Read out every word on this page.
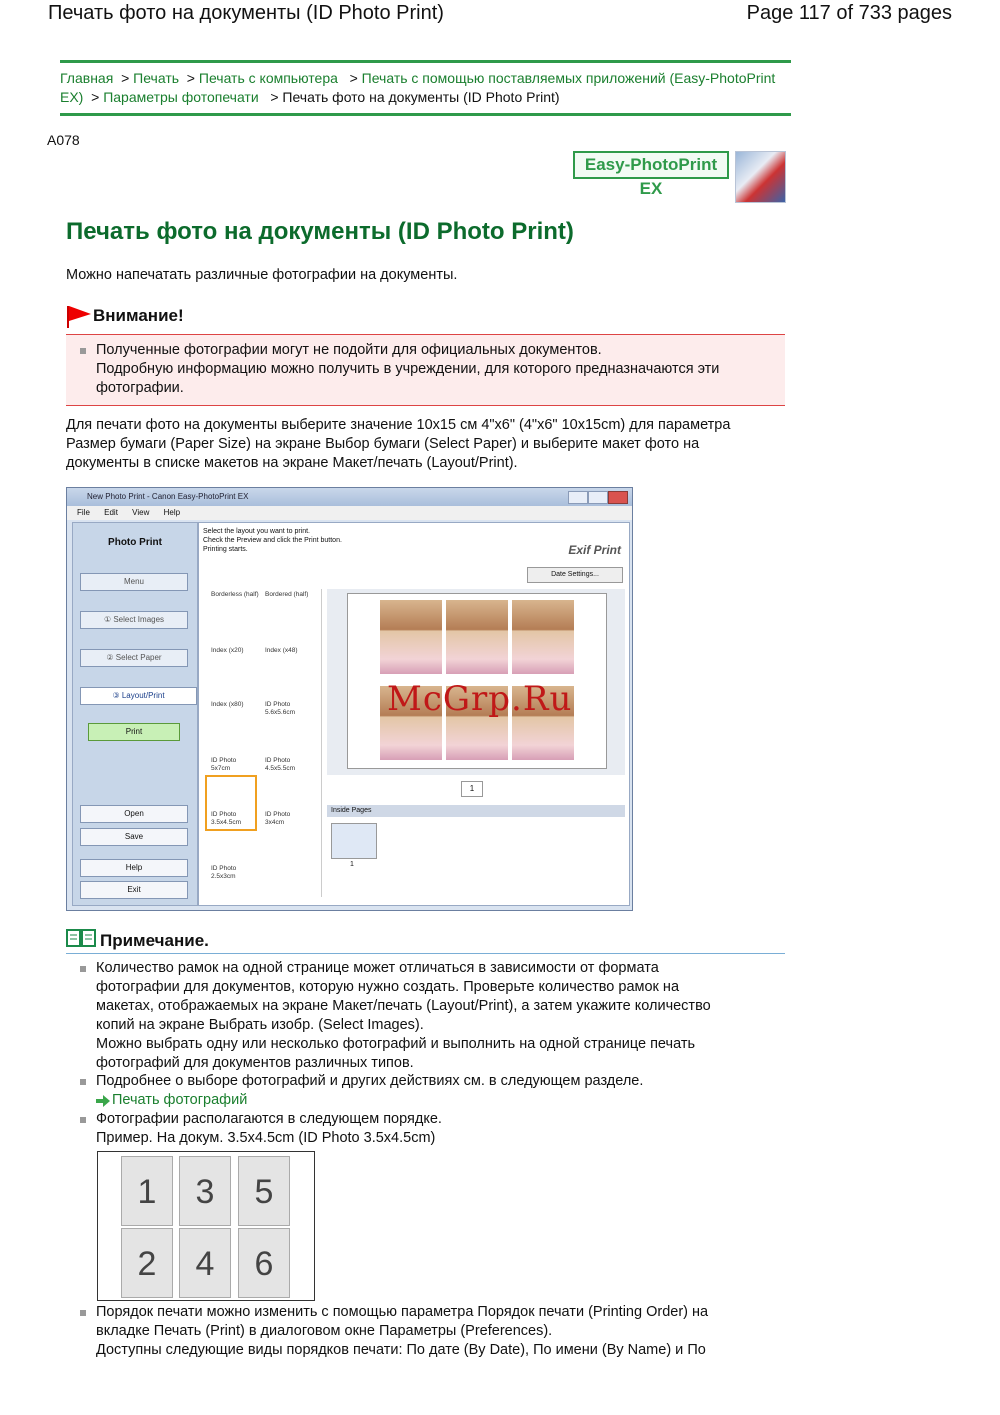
Печать фото на документы (ID Photo Print)	Page 117 of 733 pages
Главная  > Печать  > Печать с компьютера   > Печать с помощью поставляемых приложений (Easy-PhotoPrint EX)  > Параметры фотопечати   > Печать фото на документы (ID Photo Print)
A078
Easy-PhotoPrint EX
Печать фото на документы (ID Photo Print)
Можно напечатать различные фотографии на документы.
Внимание!
Полученные фотографии могут не подойти для официальных документов.
Подробную информацию можно получить в учреждении, для которого предназначаются эти
фотографии.
Для печати фото на документы выберите значение 10x15 см 4"x6" (4"x6" 10x15cm) для параметра
Размер бумаги (Paper Size) на экране Выбор бумаги (Select Paper) и выберите макет фото на
документы в списке макетов на экране Макет/печать (Layout/Print).
New Photo Print - Canon Easy-PhotoPrint EX
File Edit View Help
Photo Print
Menu
① Select Images
② Select Paper
③ Layout/Print
Print
Open
Save
Help
Exit
Select the layout you want to print.
Check the Preview and click the Print button.
Printing starts.	Exif Print
Date Settings...
Borderless (half) Bordered (half)
Index (x20)	Index (x48)
Index (x80)	ID Photo 5.6x5.6cm
ID Photo 5x7cm
ID Photo 4.5x5.5cm
ID Photo 3.5x4.5cm
ID Photo 3x4cm
ID Photo 2.5x3cm
McGrp.Ru
1
Inside Pages
1
Примечание.
Количество рамок на одной странице может отличаться в зависимости от формата
фотографии для документов, которую нужно создать. Проверьте количество рамок на
макетах, отображаемых на экране Макет/печать (Layout/Print), а затем укажите количество
копий на экране Выбрать изобр. (Select Images).
Можно выбрать одну или несколько фотографий и выполнить на одной странице печать
фотографий для документов различных типов.
Подробнее о выборе фотографий и других действиях см. в следующем разделе.
Печать фотографий
Фотографии располагаются в следующем порядке.
Пример. На докум. 3.5x4.5cm (ID Photo 3.5x4.5cm)
1	3	5
2	4	6
Порядок печати можно изменить с помощью параметра Порядок печати (Printing Order) на
вкладке Печать (Print) в диалоговом окне Параметры (Preferences).
Доступны следующие виды порядков печати: По дате (By Date), По имени (By Name) и По
